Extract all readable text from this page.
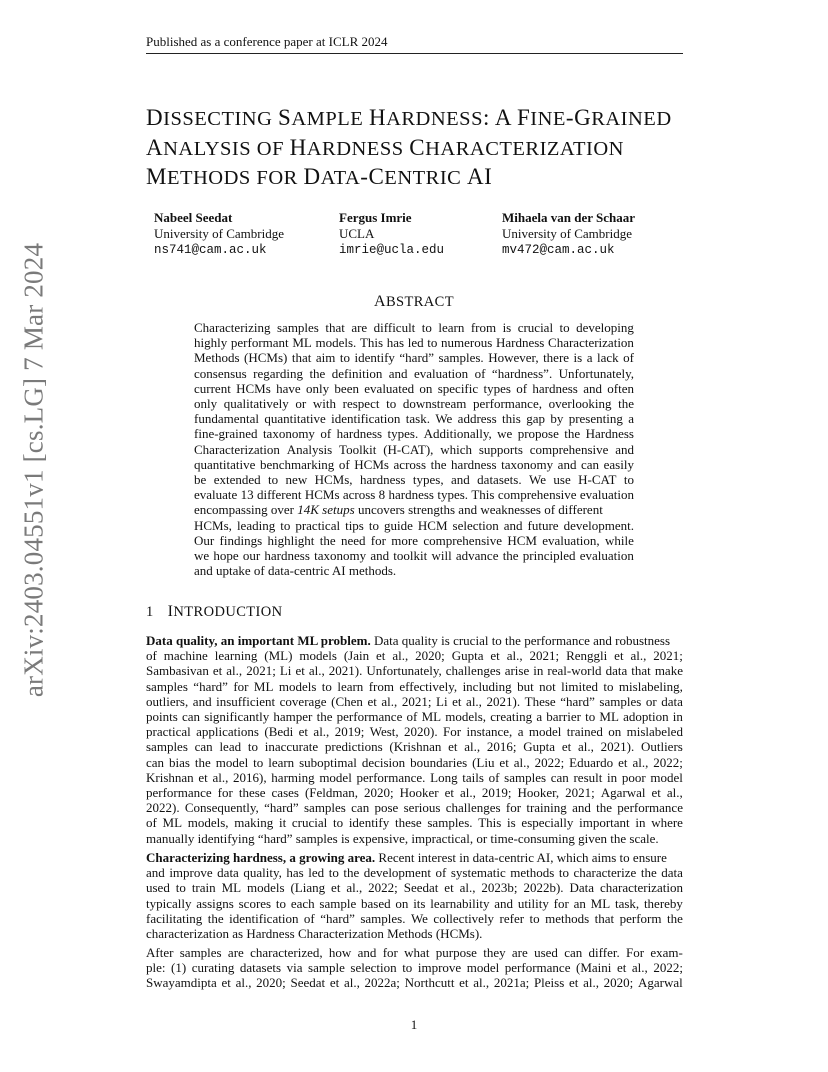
Published as a conference paper at ICLR 2024
arXiv:2403.04551v1 [cs.LG] 7 Mar 2024
DISSECTING SAMPLE HARDNESS: A FINE-GRAINED
ANALYSIS OF HARDNESS CHARACTERIZATION
METHODS FOR DATA-CENTRIC AI
Nabeel Seedat
University of Cambridge
ns741@cam.ac.uk
Fergus Imrie
UCLA
imrie@ucla.edu
Mihaela van der Schaar
University of Cambridge
mv472@cam.ac.uk
ABSTRACT
Characterizing samples that are difficult to learn from is crucial to developing
highly performant ML models. This has led to numerous Hardness Characterization
Methods (HCMs) that aim to identify “hard” samples. However, there is a lack of
consensus regarding the definition and evaluation of “hardness”. Unfortunately,
current HCMs have only been evaluated on specific types of hardness and often
only qualitatively or with respect to downstream performance, overlooking the
fundamental quantitative identification task. We address this gap by presenting a
fine-grained taxonomy of hardness types. Additionally, we propose the Hardness
Characterization Analysis Toolkit (H-CAT), which supports comprehensive and
quantitative benchmarking of HCMs across the hardness taxonomy and can easily
be extended to new HCMs, hardness types, and datasets. We use H-CAT to
evaluate 13 different HCMs across 8 hardness types. This comprehensive evaluation
encompassing over 14K setups uncovers strengths and weaknesses of different
HCMs, leading to practical tips to guide HCM selection and future development.
Our findings highlight the need for more comprehensive HCM evaluation, while
we hope our hardness taxonomy and toolkit will advance the principled evaluation
and uptake of data-centric AI methods.
1 INTRODUCTION
Data quality, an important ML problem. Data quality is crucial to the performance and robustness
of machine learning (ML) models (Jain et al., 2020; Gupta et al., 2021; Renggli et al., 2021;
Sambasivan et al., 2021; Li et al., 2021). Unfortunately, challenges arise in real-world data that make
samples “hard” for ML models to learn from effectively, including but not limited to mislabeling,
outliers, and insufficient coverage (Chen et al., 2021; Li et al., 2021). These “hard” samples or data
points can significantly hamper the performance of ML models, creating a barrier to ML adoption in
practical applications (Bedi et al., 2019; West, 2020). For instance, a model trained on mislabeled
samples can lead to inaccurate predictions (Krishnan et al., 2016; Gupta et al., 2021). Outliers
can bias the model to learn suboptimal decision boundaries (Liu et al., 2022; Eduardo et al., 2022;
Krishnan et al., 2016), harming model performance. Long tails of samples can result in poor model
performance for these cases (Feldman, 2020; Hooker et al., 2019; Hooker, 2021; Agarwal et al.,
2022). Consequently, “hard” samples can pose serious challenges for training and the performance
of ML models, making it crucial to identify these samples. This is especially important in where
manually identifying “hard” samples is expensive, impractical, or time-consuming given the scale.
Characterizing hardness, a growing area. Recent interest in data-centric AI, which aims to ensure
and improve data quality, has led to the development of systematic methods to characterize the data
used to train ML models (Liang et al., 2022; Seedat et al., 2023b; 2022b). Data characterization
typically assigns scores to each sample based on its learnability and utility for an ML task, thereby
facilitating the identification of “hard” samples. We collectively refer to methods that perform the
characterization as Hardness Characterization Methods (HCMs).
After samples are characterized, how and for what purpose they are used can differ. For exam-
ple: (1) curating datasets via sample selection to improve model performance (Maini et al., 2022;
Swayamdipta et al., 2020; Seedat et al., 2022a; Northcutt et al., 2021a; Pleiss et al., 2020; Agarwal
1
